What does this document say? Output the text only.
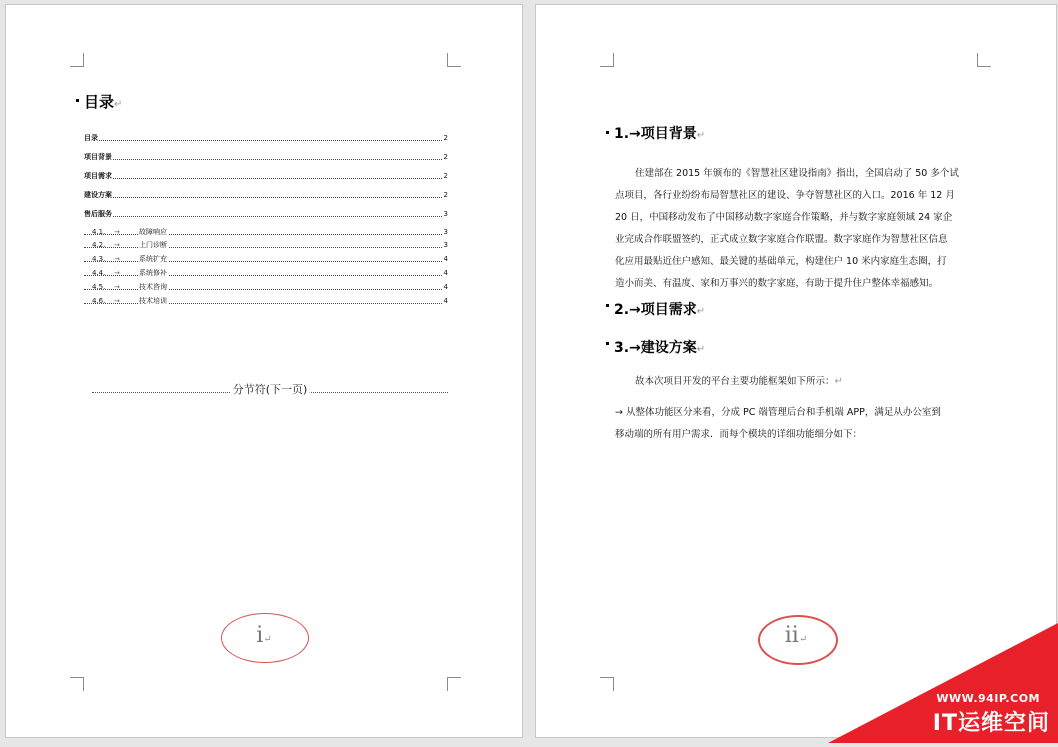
目录↵
目录	2
项目背景	2
项目需求	2
建设方案	2
售后服务	3
4.1. →	故障响应	3
4.2. →	上门诊断	3
4.3. →	系统扩充	4
4.4. →	系统修补	4
4.5. →	技术咨询	4
4.6. →	技术培训	4
分节符(下一页)
i↵
1.→项目背景↵
住建部在 2015 年颁布的《智慧社区建设指南》指出，全国启动了 50 多个试
点项目，各行业纷纷布局智慧社区的建设、争夺智慧社区的入口。2016 年 12 月
20 日，中国移动发布了中国移动数字家庭合作策略，并与数字家庭领域 24 家企
业完成合作联盟签约，正式成立数字家庭合作联盟。数字家庭作为智慧社区信息
化应用最贴近住户感知、最关键的基础单元，构建住户 10 米内家庭生态圈，打
造小而美、有温度、家和万事兴的数字家庭，有助于提升住户整体幸福感知。
2.→项目需求↵
3.→建设方案↵
故本次项目开发的平台主要功能框架如下所示：↵
→ 从整体功能区分来看，分成 PC 端管理后台和手机端 APP，满足从办公室到
移动端的所有用户需求．而每个模块的详细功能细分如下：
ii↵
WWW.94IP.COM
IT运维空间
